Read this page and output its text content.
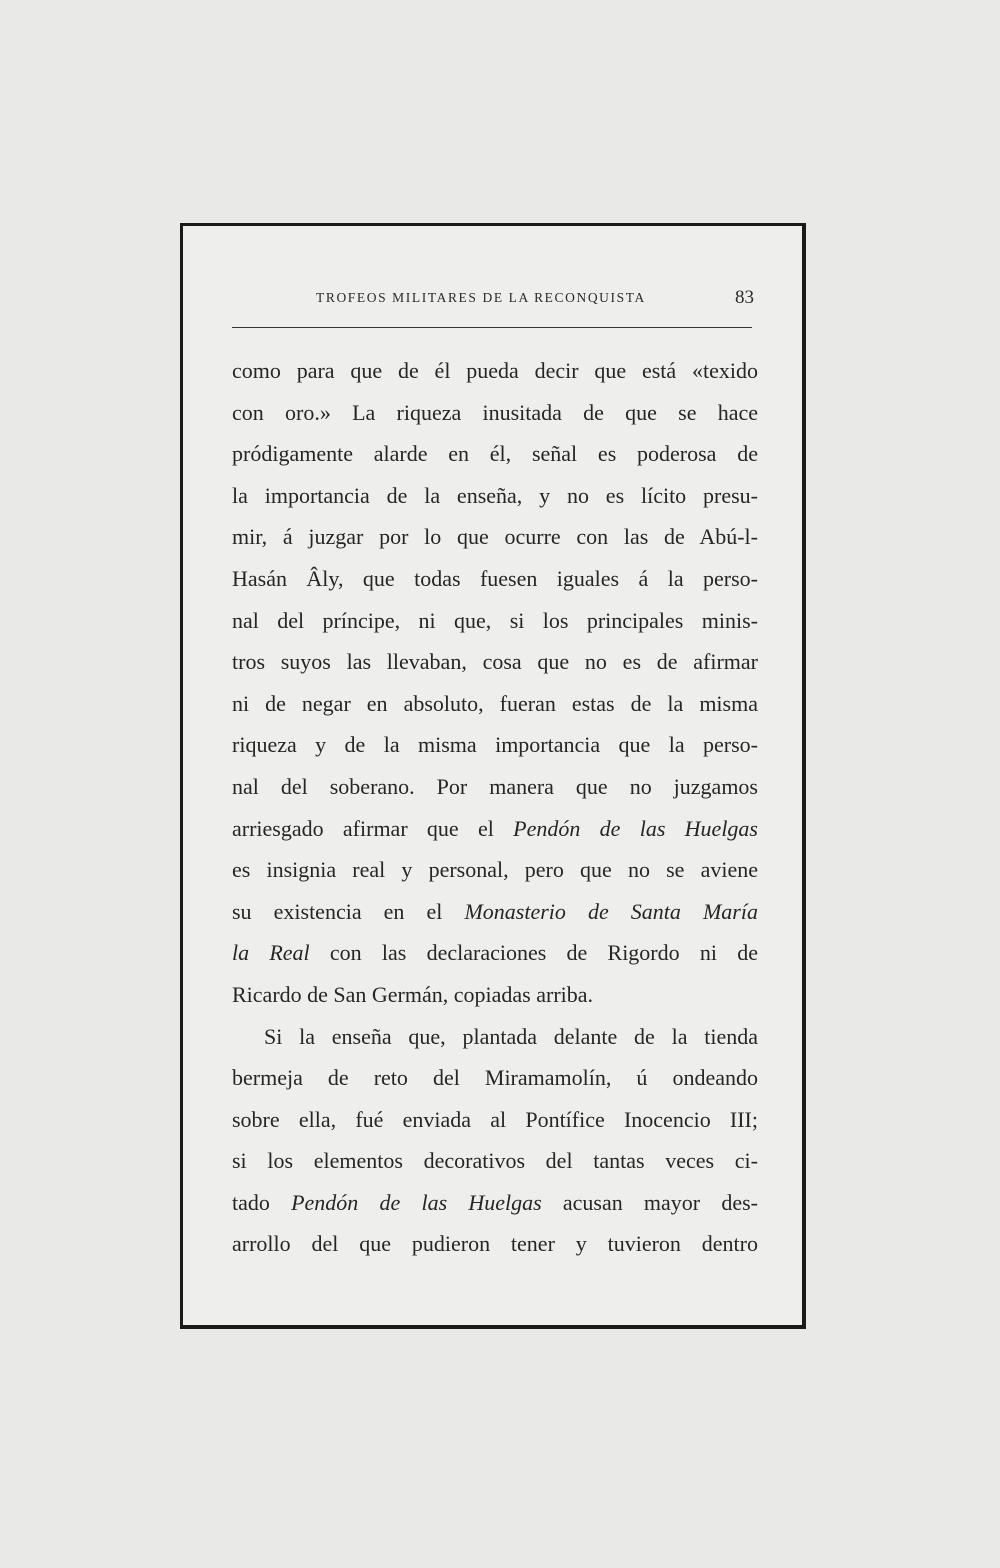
TROFEOS MILITARES DE LA RECONQUISTA	83
como para que de él pueda decir que está «texido
con oro.» La riqueza inusitada de que se hace
pródigamente alarde en él, señal es poderosa de
la importancia de la enseña, y no es lícito presu-
mir, á juzgar por lo que ocurre con las de Abú-l-
Hasán Âly, que todas fuesen iguales á la perso-
nal del príncipe, ni que, si los principales minis-
tros suyos las llevaban, cosa que no es de afirmar
ni de negar en absoluto, fueran estas de la misma
riqueza y de la misma importancia que la perso-
nal del soberano. Por manera que no juzgamos
arriesgado afirmar que el Pendón de las Huelgas
es insignia real y personal, pero que no se aviene
su existencia en el Monasterio de Santa María
la Real con las declaraciones de Rigordo ni de
Ricardo de San Germán, copiadas arriba.
Si la enseña que, plantada delante de la tienda
bermeja de reto del Miramamolín, ú ondeando
sobre ella, fué enviada al Pontífice Inocencio III;
si los elementos decorativos del tantas veces ci-
tado Pendón de las Huelgas acusan mayor des-
arrollo del que pudieron tener y tuvieron dentro
